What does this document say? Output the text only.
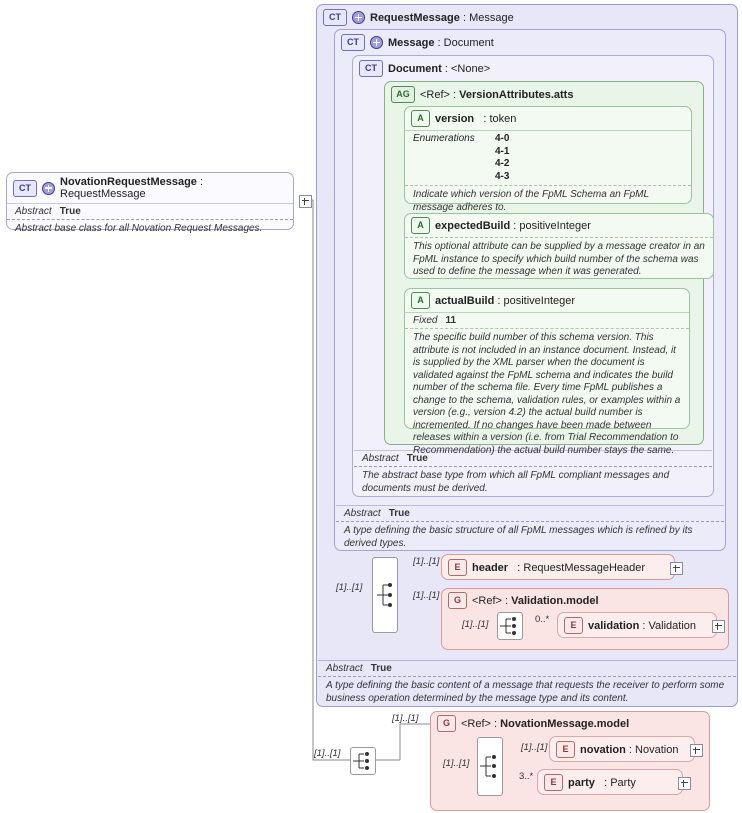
CT	NovationRequestMessage : RequestMessage
Abstract True
Abstract base class for all Novation Request Messages.
CT	RequestMessage : Message
Abstract True
A type defining the basic content of a message that requests the receiver to perform some business operation determined by the message type and its content.
CT	Message : Document
Abstract True
A type defining the basic structure of all FpML messages which is refined by its derived types.
CT	Document : <None>
Abstract True
The abstract base type from which all FpML compliant messages and documents must be derived.
AG <Ref> : VersionAttributes.atts
A	version   : token
Enumerations	4-0
4-1
4-2
4-3
Indicate which version of the FpML Schema an FpML message adheres to.
A	expectedBuild : positiveInteger
This optional attribute can be supplied by a message creator in an FpML instance to specify which build number of the schema was used to define the message when it was generated.
A	actualBuild : positiveInteger
Fixed 11
The specific build number of this schema version. This attribute is not included in an instance document. Instead, it is supplied by the XML parser when the document is validated against the FpML schema and indicates the build number of the schema file. Every time FpML publishes a change to the schema, validation rules, or examples within a version (e.g., version 4.2) the actual build number is incremented. If no changes have been made between releases within a version (i.e. from Trial Recommendation to Recommendation) the actual build number stays the same.
[1]..[1]
[1]..[1]	E	header   : RequestMessageHeader
[1]..[1]	G	<Ref> : Validation.model
[1]..[1]	0..*	E	validation : Validation
[1]..[1]
[1]..[1]	G	<Ref> : NovationMessage.model
[1]..[1]
[1]..[1]	E	novation : Novation
3..*	E	party   : Party
